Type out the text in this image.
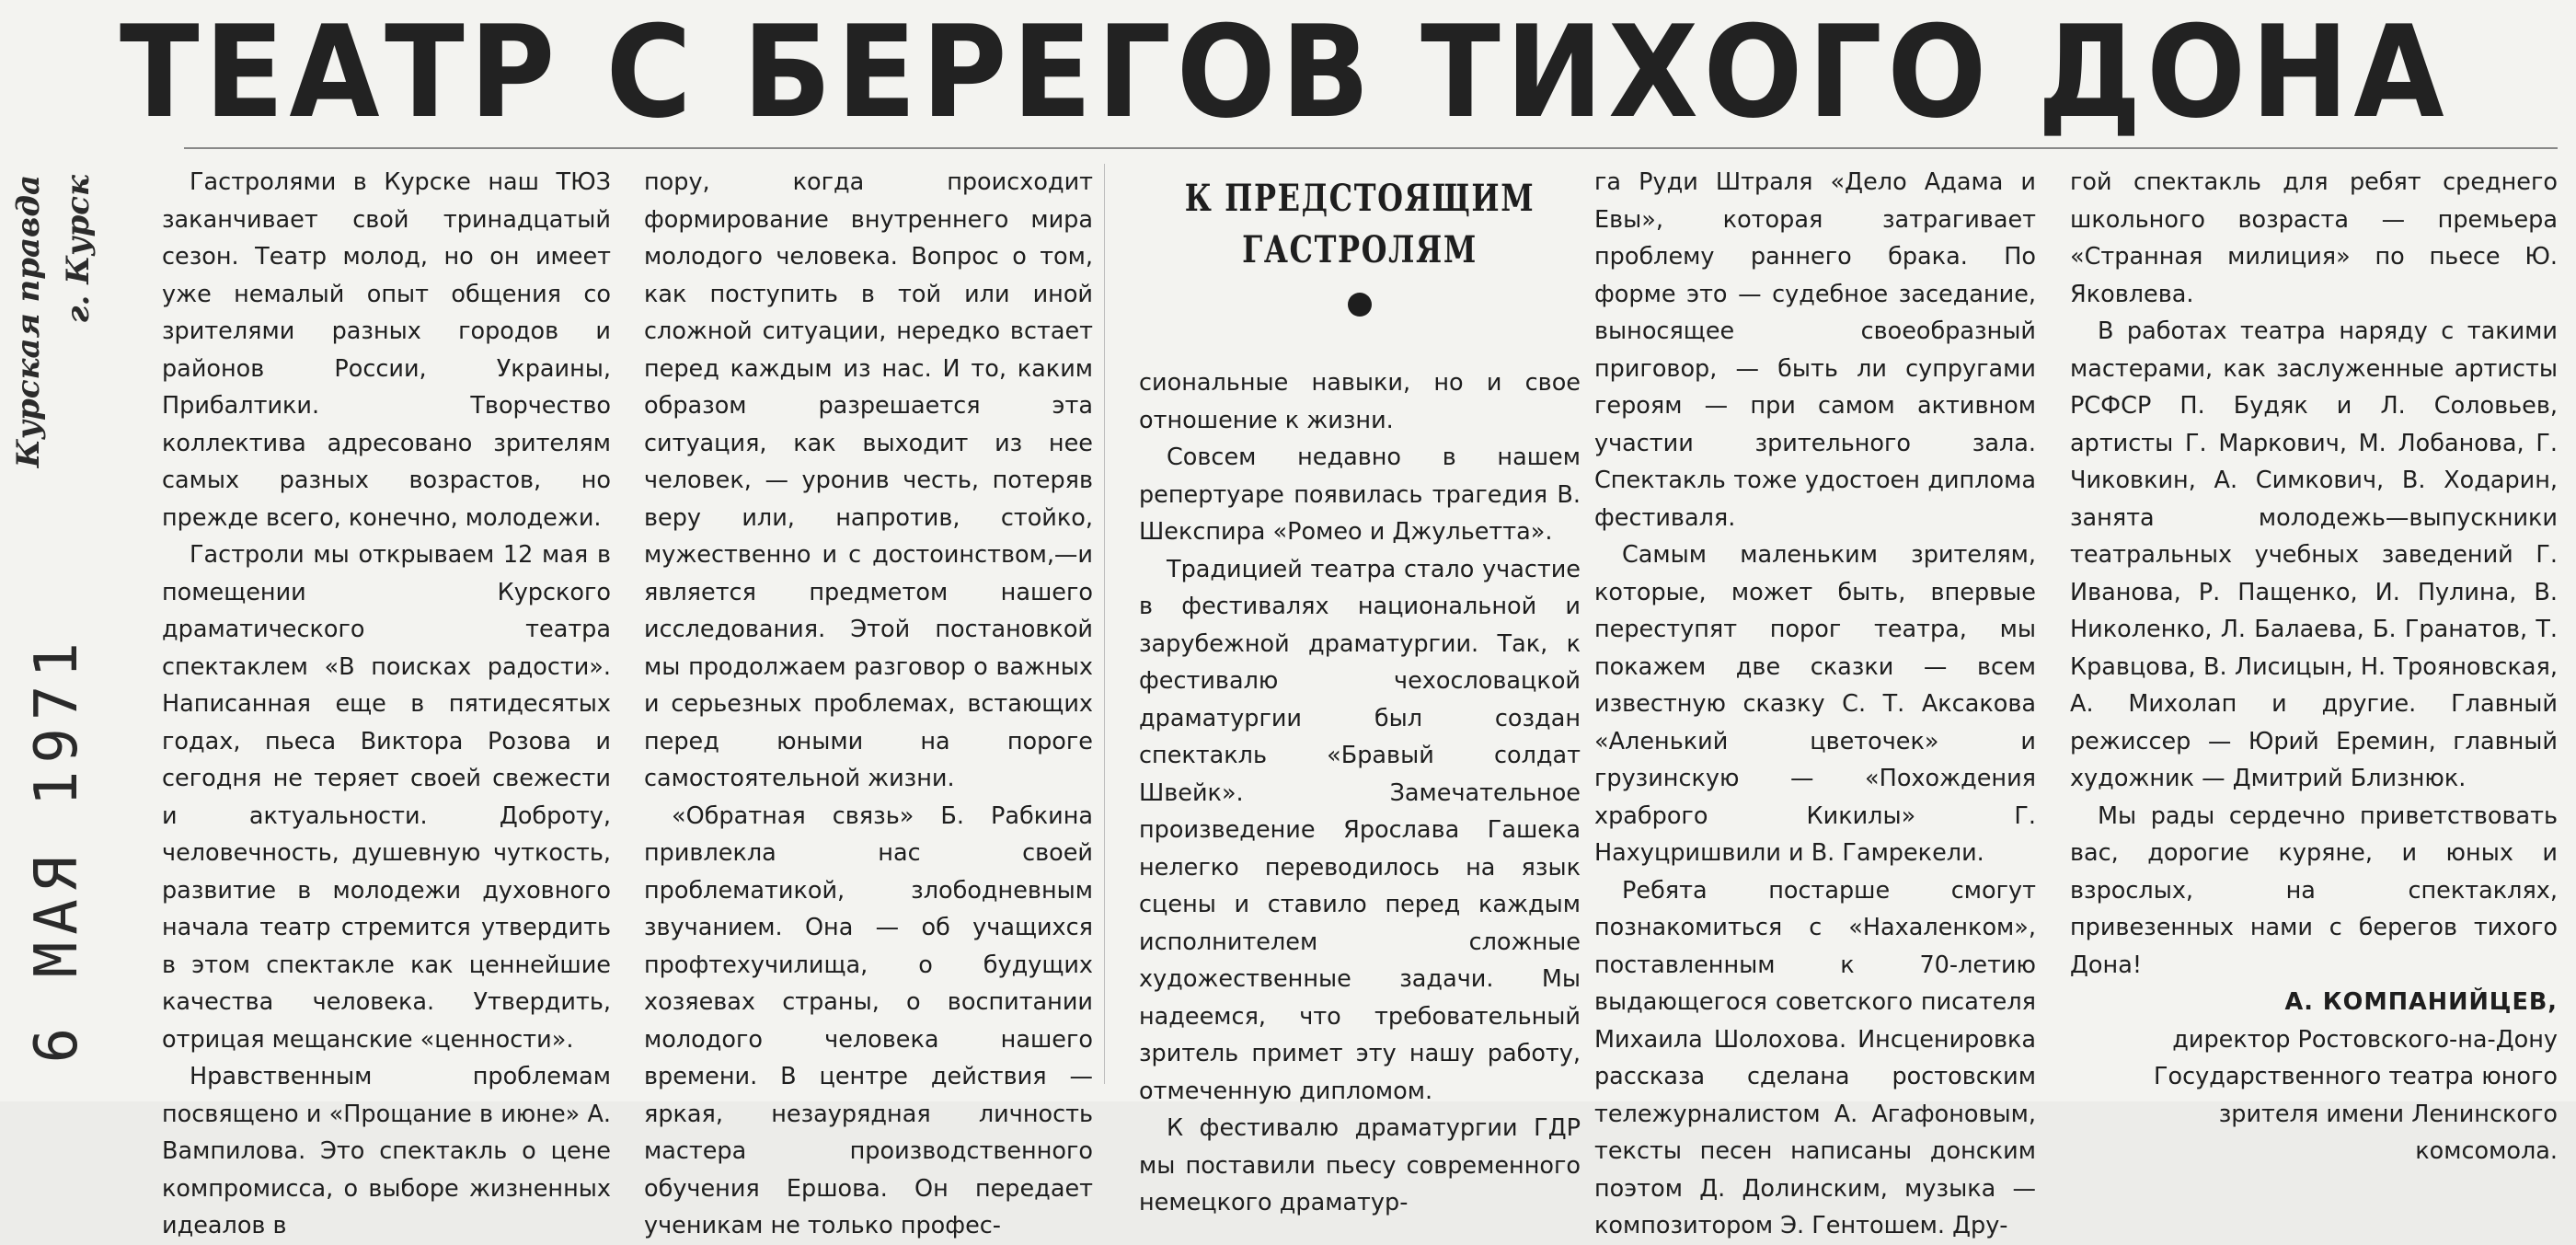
ТЕАТР С БЕРЕГОВ ТИХОГО ДОНА
Курская правда г. Курск
6 МАЯ 1971

Гастролями в Курске наш ТЮЗ заканчивает свой тринадцатый сезон. Театр молод, но он имеет уже немалый опыт общения со зрителями разных городов и районов России, Украины, Прибалтики. Творчество коллектива адресовано зрителям самых разных возрастов, но прежде всего, конечно, молодежи.

Гастроли мы открываем 12 мая в помещении Курского драматического театра спектаклем «В поисках радости». Написанная еще в пятидесятых годах, пьеса Виктора Розова и сегодня не теряет своей свежести и актуальности. Доброту, человечность, душевную чуткость, развитие в молодежи духовного начала театр стремится утвердить в этом спектакле как ценнейшие качества человека. Утвердить, отрицая мещанские «ценности».

Нравственным проблемам посвящено и «Прощание в июне» А. Вампилова. Это спектакль о цене компромисса, о выборе жизненных идеалов в

пору, когда происходит формирование внутреннего мира молодого человека. Вопрос о том, как поступить в той или иной сложной ситуации, нередко встает перед каждым из нас. И то, каким образом разрешается эта ситуация, как выходит из нее человек, — уронив честь, потеряв веру или, напротив, стойко, мужественно и с достоинством,—и является предметом нашего исследования. Этой постановкой мы продолжаем разговор о важных и серьезных проблемах, встающих перед юными на пороге самостоятельной жизни.

«Обратная связь» Б. Рабкина привлекла нас своей проблематикой, злободневным звучанием. Она — об учащихся профтехучилища, о будущих хозяевах страны, о воспитании молодого человека нашего времени. В центре действия — яркая, незаурядная личность мастера производственного обучения Ершова. Он передает ученикам не только профес-

К ПРЕДСТОЯЩИМ ГАСТРОЛЯМ

сиональные навыки, но и свое отношение к жизни.

Совсем недавно в нашем репертуаре появилась трагедия В. Шекспира «Ромео и Джульетта».

Традицией театра стало участие в фестивалях национальной и зарубежной драматургии. Так, к фестивалю чехословацкой драматургии был создан спектакль «Бравый солдат Швейк». Замечательное произведение Ярослава Гашека нелегко переводилось на язык сцены и ставило перед каждым исполнителем сложные художественные задачи. Мы надеемся, что требовательный зритель примет эту нашу работу, отмеченную дипломом.

К фестивалю драматургии ГДР мы поставили пьесу современного немецкого драматур-

га Руди Штраля «Дело Адама и Евы», которая затрагивает проблему раннего брака. По форме это — судебное заседание, выносящее своеобразный приговор, — быть ли супругами героям — при самом активном участии зрительного зала. Спектакль тоже удостоен диплома фестиваля.

Самым маленьким зрителям, которые, может быть, впервые переступят порог театра, мы покажем две сказки — всем известную сказку С. Т. Аксакова «Аленький цветочек» и грузинскую — «Похождения храброго Кикилы» Г. Нахуцришвили и В. Гамрекели.

Ребята постарше смогут познакомиться с «Нахаленком», поставленным к 70-летию выдающегося советского писателя Михаила Шолохова. Инсценировка рассказа сделана ростовским тележурналистом А. Агафоновым, тексты песен написаны донским поэтом Д. Долинским, музыка — композитором Э. Гентошем. Дру-

гой спектакль для ребят среднего школьного возраста — премьера «Странная милиция» по пьесе Ю. Яковлева.

В работах театра наряду с такими мастерами, как заслуженные артисты РСФСР П. Будяк и Л. Соловьев, артисты Г. Маркович, М. Лобанова, Г. Чиковкин, А. Симкович, В. Ходарин, занята молодежь—выпускники театральных учебных заведений Г. Иванова, Р. Пащенко, И. Пулина, В. Николенко, Л. Балаева, Б. Гранатов, Т. Кравцова, В. Лисицын, Н. Трояновская, А. Михолап и другие. Главный режиссер — Юрий Еремин, главный художник — Дмитрий Близнюк.

Мы рады сердечно приветствовать вас, дорогие куряне, и юных и взрослых, на спектаклях, привезенных нами с берегов тихого Дона!

А. КОМПАНИЙЦЕВ,

директор Ростовского-на-Дону Государственного театра юного зрителя имени Ленинского комсомола.
